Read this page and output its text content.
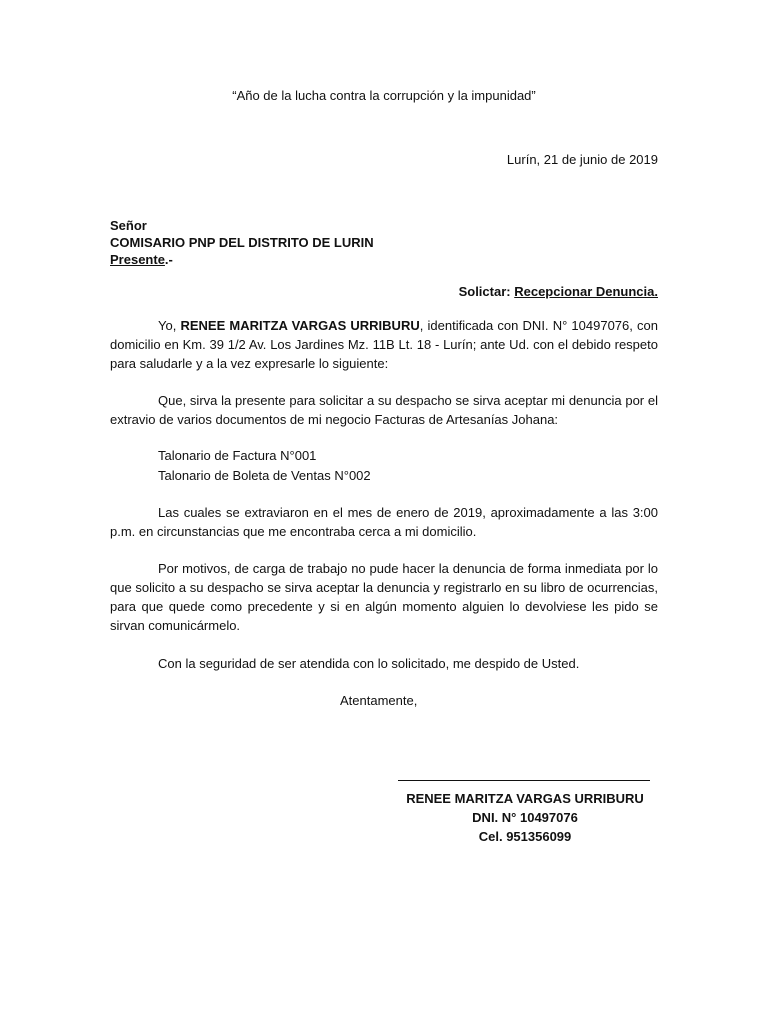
“Año de la lucha contra la corrupción y la impunidad”
Lurín, 21 de junio de 2019
Señor
COMISARIO PNP DEL DISTRITO DE LURIN
Presente.-
Solictar: Recepcionar Denuncia.
Yo, RENEE MARITZA VARGAS URRIBURU, identificada con DNI. N° 10497076, con domicilio en Km. 39 1/2 Av. Los Jardines Mz. 11B Lt. 18 - Lurín; ante Ud. con el debido respeto para saludarle y a la vez expresarle lo siguiente:
Que, sirva la presente para solicitar a su despacho se sirva aceptar mi denuncia por el extravio de varios documentos de mi negocio Facturas de Artesanías Johana:
Talonario de Factura N°001
Talonario de Boleta de Ventas N°002
Las cuales se extraviaron en el mes de enero de 2019, aproximadamente a las 3:00 p.m. en circunstancias que me encontraba cerca a mi domicilio.
Por motivos, de carga de trabajo no pude hacer la denuncia de forma inmediata por lo que solicito a su despacho se sirva aceptar la denuncia y registrarlo en su libro de ocurrencias, para que quede como precedente y si en algún momento alguien lo devolviese les pido se sirvan comunicármelo.
Con la seguridad de ser atendida con lo solicitado, me despido de Usted.
Atentamente,
RENEE MARITZA VARGAS URRIBURU
DNI. N° 10497076
Cel. 951356099
